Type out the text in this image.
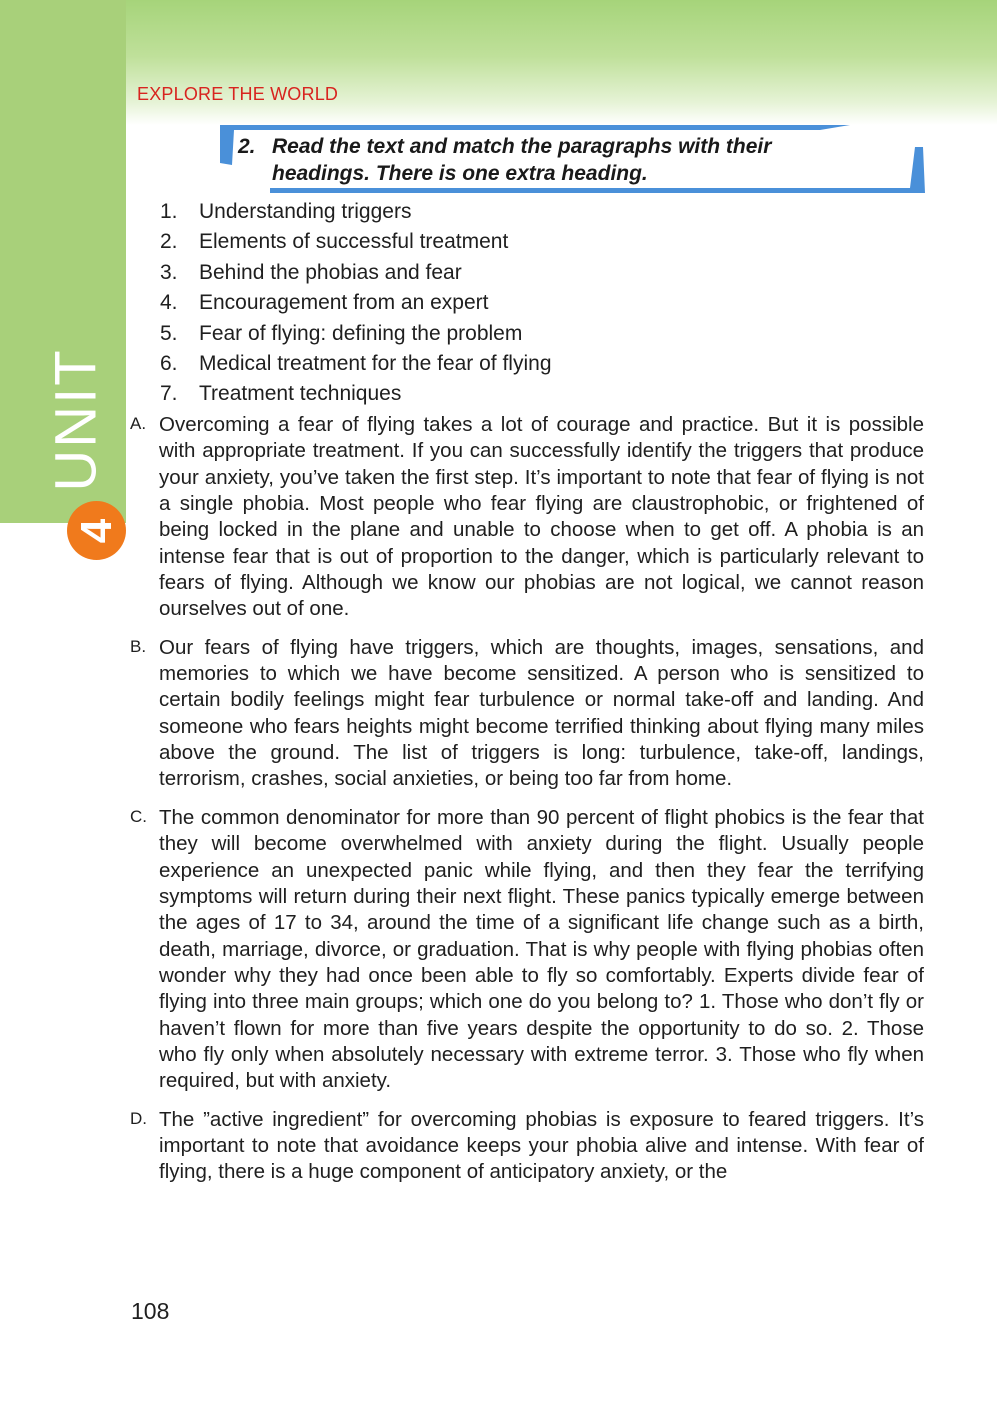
UNIT
4
EXPLORE THE WORLD
2. Read the text and match the paragraphs with their
headings. There is one extra heading.
1. Understanding triggers
2. Elements of successful treatment
3. Behind the phobias and fear
4. Encouragement from an expert
5. Fear of flying: defining the problem
6. Medical treatment for the fear of flying
7. Treatment techniques
A. Overcoming a fear of flying takes a lot of courage and practice. But it is possible with appropriate treatment. If you can successfully identify the triggers that produce your anxiety, you’ve taken the first step. It’s important to note that fear of flying is not a single phobia. Most people who fear flying are claustrophobic, or frightened of being locked in the plane and unable to choose when to get off. A phobia is an intense fear that is out of proportion to the danger, which is particularly relevant to fears of flying. Although we know our phobias are not logical, we cannot reason ourselves out of one.
B. Our fears of flying have triggers, which are thoughts, images, sensations, and memories to which we have become sensitized. A person who is sensitized to certain bodily feelings might fear turbulence or normal take-off and landing. And someone who fears heights might become terrified thinking about flying many miles above the ground. The list of triggers is long: turbulence, take-off, landings, terrorism, crashes, social anxieties, or being too far from home.
C. The common denominator for more than 90 percent of flight phobics is the fear that they will become overwhelmed with anxiety during the flight. Usually people experience an unexpected panic while flying, and then they fear the terrifying symptoms will return during their next flight. These panics typically emerge between the ages of 17 to 34, around the time of a significant life change such as a birth, death, marriage, divorce, or graduation. That is why people with flying phobias often wonder why they had once been able to fly so comfortably. Experts divide fear of flying into three main groups; which one do you belong to? 1. Those who don’t fly or haven’t flown for more than five years despite the opportunity to do so. 2. Those who fly only when absolutely necessary with extreme terror. 3. Those who fly when required, but with anxiety.
D. The ”active ingredient” for overcoming phobias is exposure to feared triggers. It’s important to note that avoidance keeps your phobia alive and intense. With fear of flying, there is a huge component of anticipatory anxiety, or the
108
